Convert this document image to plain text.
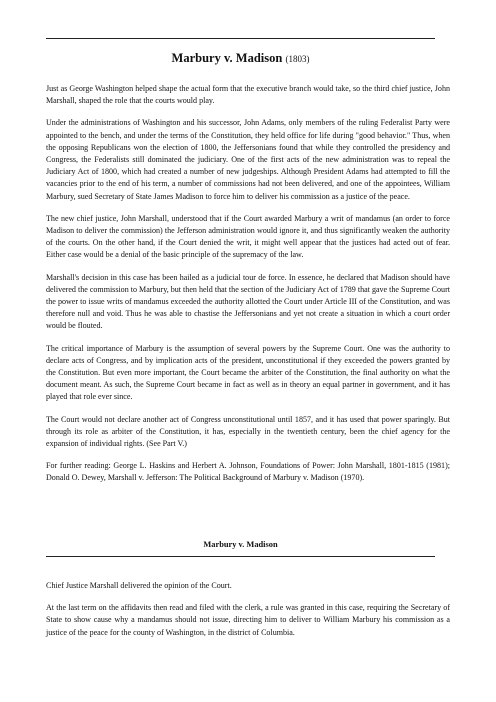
Marbury v. Madison (1803)

Just as George Washington helped shape the actual form that the executive branch would take, so the third chief justice, John Marshall, shaped the role that the courts would play.

Under the administrations of Washington and his successor, John Adams, only members of the ruling Federalist Party were appointed to the bench, and under the terms of the Constitution, they held office for life during "good behavior." Thus, when the opposing Republicans won the election of 1800, the Jeffersonians found that while they controlled the presidency and Congress, the Federalists still dominated the judiciary. One of the first acts of the new administration was to repeal the Judiciary Act of 1800, which had created a number of new judgeships. Although President Adams had attempted to fill the vacancies prior to the end of his term, a number of commissions had not been delivered, and one of the appointees, William Marbury, sued Secretary of State James Madison to force him to deliver his commission as a justice of the peace.

The new chief justice, John Marshall, understood that if the Court awarded Marbury a writ of mandamus (an order to force Madison to deliver the commission) the Jefferson administration would ignore it, and thus significantly weaken the authority of the courts. On the other hand, if the Court denied the writ, it might well appear that the justices had acted out of fear. Either case would be a denial of the basic principle of the supremacy of the law.

Marshall's decision in this case has been hailed as a judicial tour de force. In essence, he declared that Madison should have delivered the commission to Marbury, but then held that the section of the Judiciary Act of 1789 that gave the Supreme Court the power to issue writs of mandamus exceeded the authority allotted the Court under Article III of the Constitution, and was therefore null and void. Thus he was able to chastise the Jeffersonians and yet not create a situation in which a court order would be flouted.

The critical importance of Marbury is the assumption of several powers by the Supreme Court. One was the authority to declare acts of Congress, and by implication acts of the president, unconstitutional if they exceeded the powers granted by the Constitution. But even more important, the Court became the arbiter of the Constitution, the final authority on what the document meant. As such, the Supreme Court became in fact as well as in theory an equal partner in government, and it has played that role ever since.

The Court would not declare another act of Congress unconstitutional until 1857, and it has used that power sparingly. But through its role as arbiter of the Constitution, it has, especially in the twentieth century, been the chief agency for the expansion of individual rights. (See Part V.)

For further reading: George L. Haskins and Herbert A. Johnson, Foundations of Power: John Marshall, 1801-1815 (1981); Donald O. Dewey, Marshall v. Jefferson: The Political Background of Marbury v. Madison (1970).

Marbury v. Madison

Chief Justice Marshall delivered the opinion of the Court.

At the last term on the affidavits then read and filed with the clerk, a rule was granted in this case, requiring the Secretary of State to show cause why a mandamus should not issue, directing him to deliver to William Marbury his commission as a justice of the peace for the county of Washington, in the district of Columbia.
